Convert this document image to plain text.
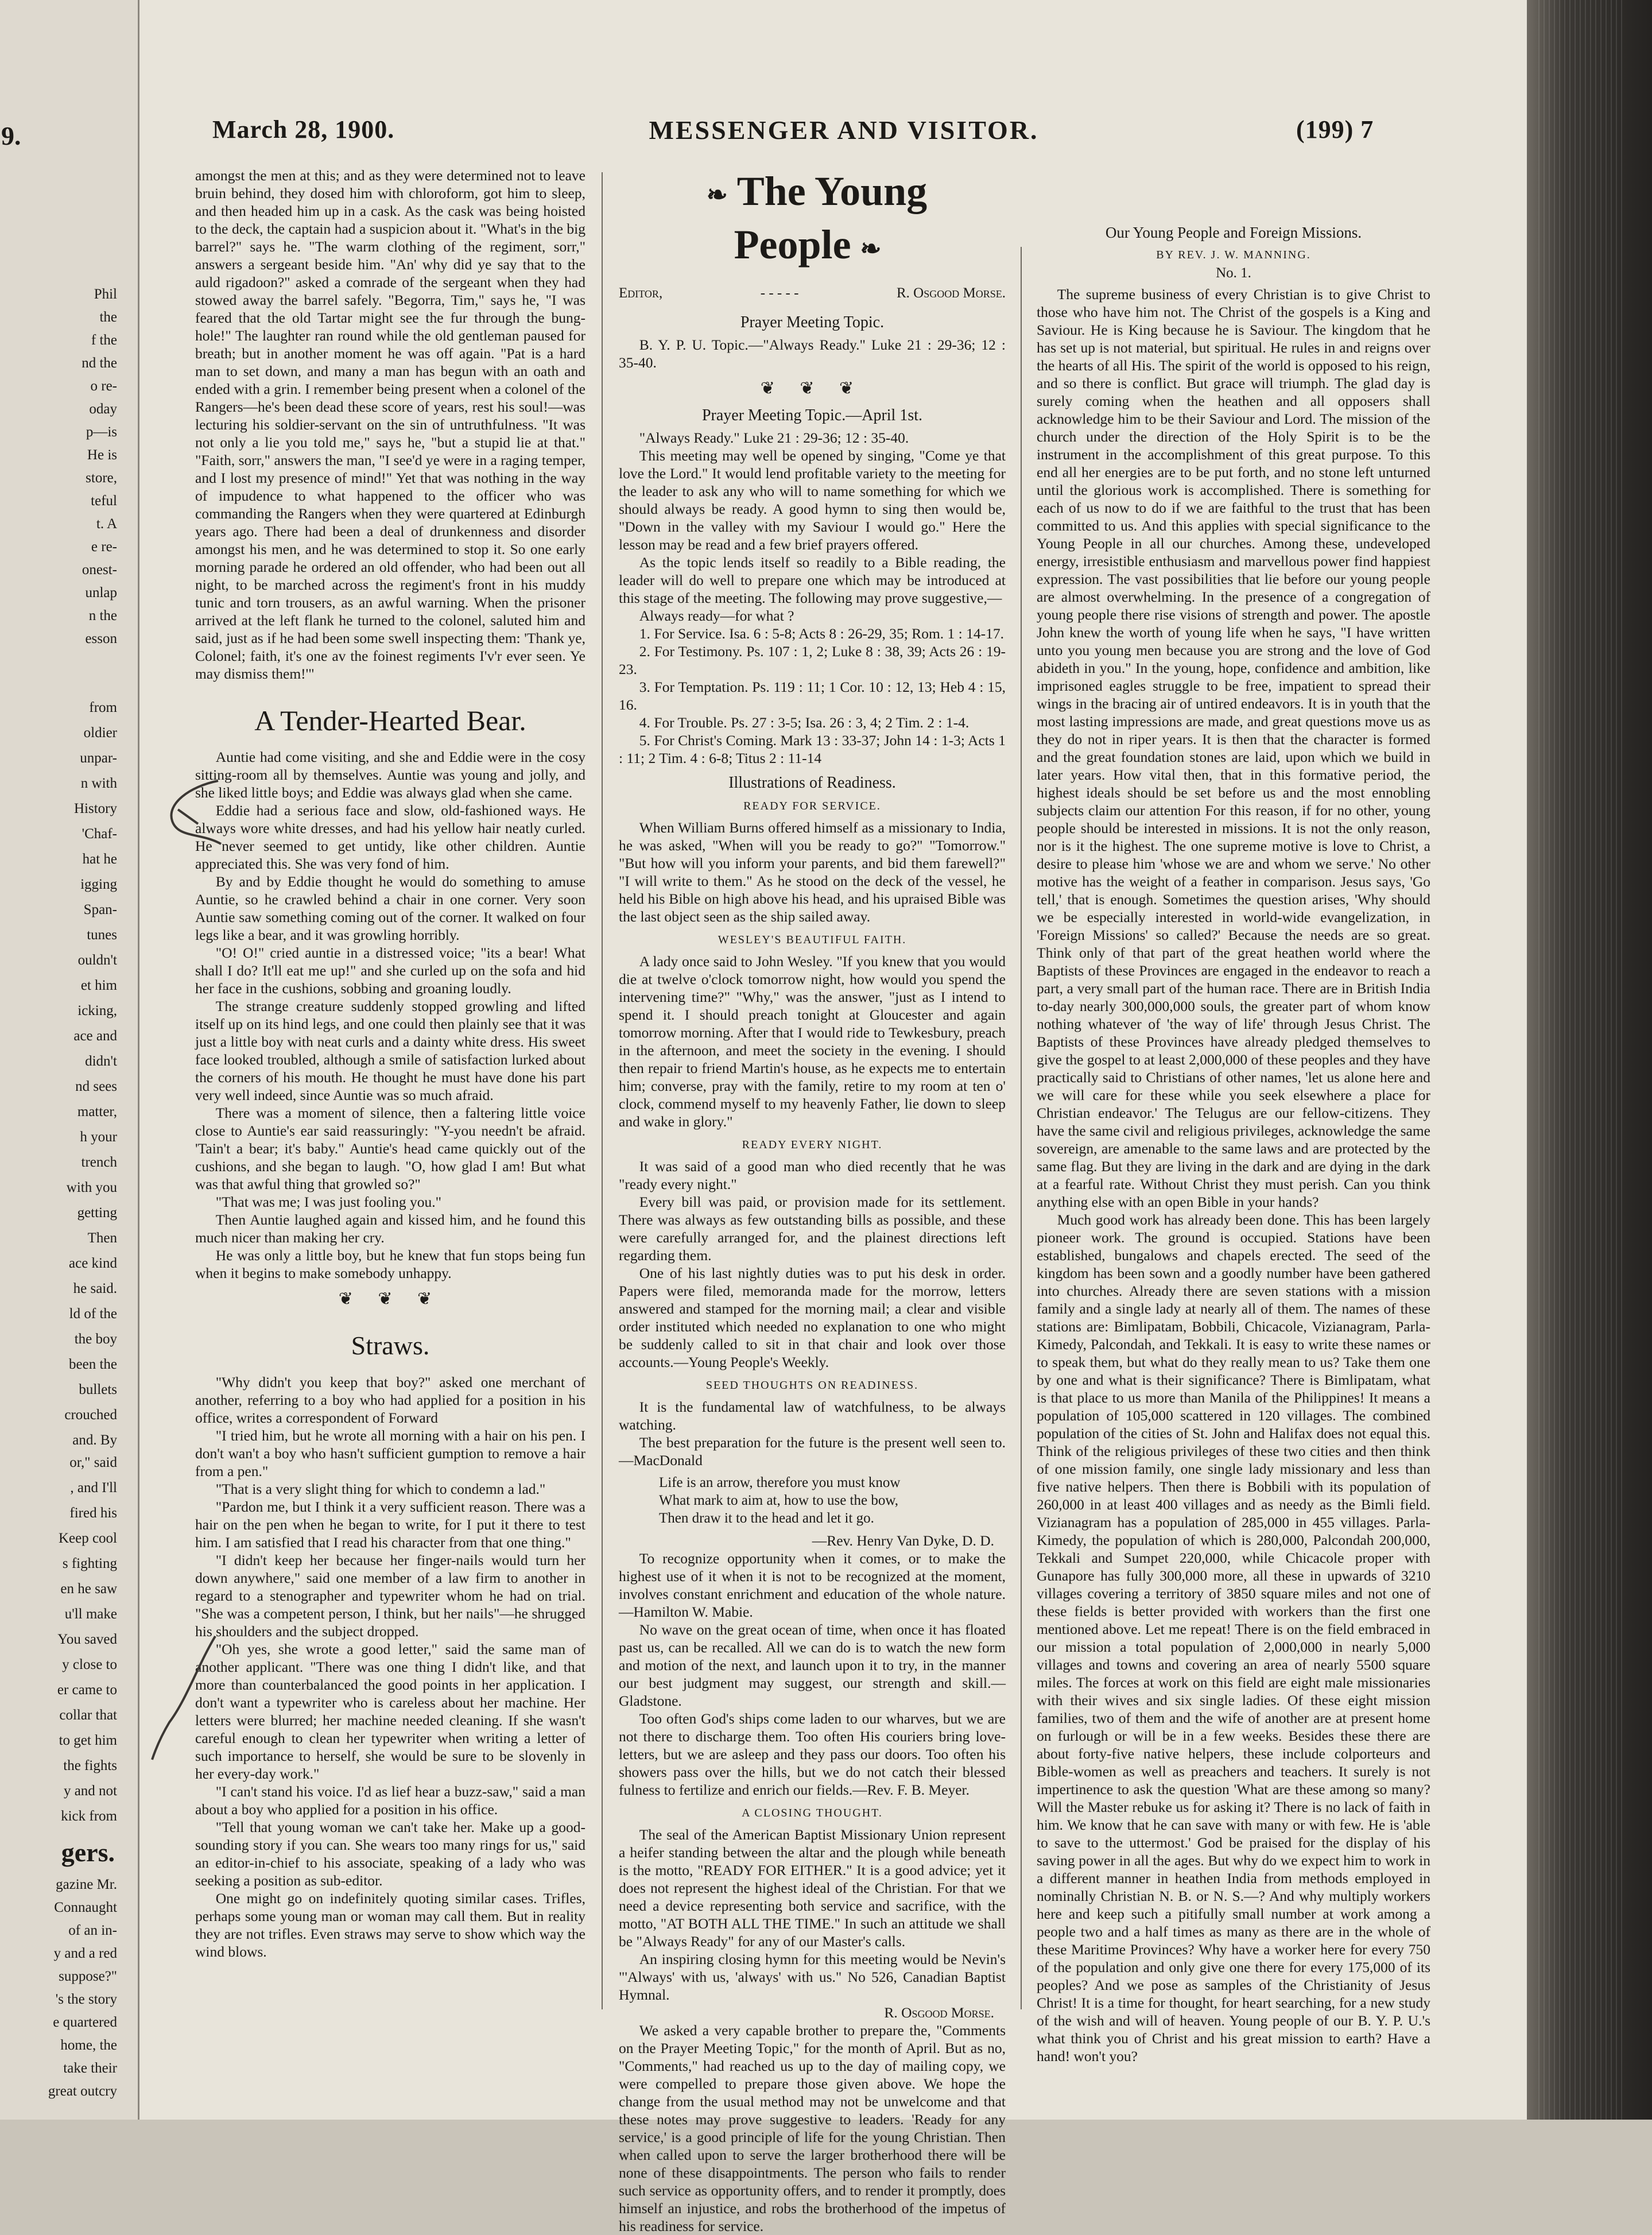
9.
Phil
the
f the
nd the
o re-
oday
p—is
He is
store,
teful
t. A
e re-
onest-
unlap
n the
esson
from
oldier
unpar-
n with
History
'Chaf-
hat he
igging
Span-
tunes
ouldn't
et him
icking,
ace and
didn't
nd sees
matter,
h your
trench
with you
getting
Then
ace kind
he said.
ld of the
the boy
been the
bullets
crouched
and. By
or," said
, and I'll
fired his
Keep cool
s fighting
en he saw
u'll make
You saved
y close to
er came to
collar that
to get him
the fights
y and not
kick from
gers.
gazine Mr.
Connaught
of an in-
y and a red
suppose?"
's the story
e quartered
home, the
take their
great outcry
March 28, 1900.	MESSENGER AND VISITOR.	(199) 7

amongst the men at this; and as they were determined not to leave bruin behind, they dosed him with chloroform, got him to sleep, and then headed him up in a cask. As the cask was being hoisted to the deck, the captain had a suspicion about it. "What's in the big barrel?" says he. "The warm clothing of the regiment, sorr," answers a sergeant beside him. "An' why did ye say that to the auld rigadoon?" asked a comrade of the sergeant when they had stowed away the barrel safely. "Begorra, Tim," says he, "I was feared that the old Tartar might see the fur through the bung-hole!" The laughter ran round while the old gentleman paused for breath; but in another moment he was off again. "Pat is a hard man to set down, and many a man has begun with an oath and ended with a grin. I remember being present when a colonel of the Rangers—he's been dead these score of years, rest his soul!—was lecturing his soldier-servant on the sin of untruthfulness. "It was not only a lie you told me," says he, "but a stupid lie at that." "Faith, sorr," answers the man, "I see'd ye were in a raging temper, and I lost my presence of mind!" Yet that was nothing in the way of impudence to what happened to the officer who was commanding the Rangers when they were quartered at Edinburgh years ago. There had been a deal of drunkenness and disorder amongst his men, and he was determined to stop it. So one early morning parade he ordered an old offender, who had been out all night, to be marched across the regiment's front in his muddy tunic and torn trousers, as an awful warning. When the prisoner arrived at the left flank he turned to the colonel, saluted him and said, just as if he had been some swell inspecting them: 'Thank ye, Colonel; faith, it's one av the foinest regiments I'v'r ever seen. Ye may dismiss them!'"

A Tender-Hearted Bear.

Auntie had come visiting, and she and Eddie were in the cosy sitting-room all by themselves. Auntie was young and jolly, and she liked little boys; and Eddie was always glad when she came.

Eddie had a serious face and slow, old-fashioned ways. He always wore white dresses, and had his yellow hair neatly curled. He never seemed to get untidy, like other children. Auntie appreciated this. She was very fond of him.

By and by Eddie thought he would do something to amuse Auntie, so he crawled behind a chair in one corner. Very soon Auntie saw something coming out of the corner. It walked on four legs like a bear, and it was growling horribly.

"O! O!" cried auntie in a distressed voice; "its a bear! What shall I do? It'll eat me up!" and she curled up on the sofa and hid her face in the cushions, sobbing and groaning loudly.

The strange creature suddenly stopped growling and lifted itself up on its hind legs, and one could then plainly see that it was just a little boy with neat curls and a dainty white dress. His sweet face looked troubled, although a smile of satisfaction lurked about the corners of his mouth. He thought he must have done his part very well indeed, since Auntie was so much afraid.

There was a moment of silence, then a faltering little voice close to Auntie's ear said reassuringly: "Y-you needn't be afraid. 'Tain't a bear; it's baby." Auntie's head came quickly out of the cushions, and she began to laugh. "O, how glad I am! But what was that awful thing that growled so?"

"That was me; I was just fooling you."

Then Auntie laughed again and kissed him, and he found this much nicer than making her cry.

He was only a little boy, but he knew that fun stops being fun when it begins to make somebody unhappy.

❦ ❦ ❦
Straws.

"Why didn't you keep that boy?" asked one merchant of another, referring to a boy who had applied for a position in his office, writes a correspondent of Forward

"I tried him, but he wrote all morning with a hair on his pen. I don't wan't a boy who hasn't sufficient gumption to remove a hair from a pen."

"That is a very slight thing for which to condemn a lad."

"Pardon me, but I think it a very sufficient reason. There was a hair on the pen when he began to write, for I put it there to test him. I am satisfied that I read his character from that one thing."

"I didn't keep her because her finger-nails would turn her down anywhere," said one member of a law firm to another in regard to a stenographer and typewriter whom he had on trial. "She was a competent person, I think, but her nails"—he shrugged his shoulders and the subject dropped.

"Oh yes, she wrote a good letter," said the same man of another applicant. "There was one thing I didn't like, and that more than counterbalanced the good points in her application. I don't want a typewriter who is careless about her machine. Her letters were blurred; her machine needed cleaning. If she wasn't careful enough to clean her typewriter when writing a letter of such importance to herself, she would be sure to be slovenly in her every-day work."

"I can't stand his voice. I'd as lief hear a buzz-saw," said a man about a boy who applied for a position in his office.

"Tell that young woman we can't take her. Make up a good-sounding story if you can. She wears too many rings for us," said an editor-in-chief to his associate, speaking of a lady who was seeking a position as sub-editor.

One might go on indefinitely quoting similar cases. Trifles, perhaps some young man or woman may call them. But in reality they are not trifles. Even straws may serve to show which way the wind blows.

❧ The Young People ❧
Editor,	- - - - -	R. Osgood Morse.
Prayer Meeting Topic.

B. Y. P. U. Topic.—"Always Ready." Luke 21 : 29-36; 12 : 35-40.

❦ ❦ ❦
Prayer Meeting Topic.—April 1st.

"Always Ready." Luke 21 : 29-36; 12 : 35-40.

This meeting may well be opened by singing, "Come ye that love the Lord." It would lend profitable variety to the meeting for the leader to ask any who will to name something for which we should always be ready. A good hymn to sing then would be, "Down in the valley with my Saviour I would go." Here the lesson may be read and a few brief prayers offered.

As the topic lends itself so readily to a Bible reading, the leader will do well to prepare one which may be introduced at this stage of the meeting. The following may prove suggestive,—

Always ready—for what ?

1. For Service. Isa. 6 : 5-8; Acts 8 : 26-29, 35; Rom. 1 : 14-17.

2. For Testimony. Ps. 107 : 1, 2; Luke 8 : 38, 39; Acts 26 : 19-23.

3. For Temptation. Ps. 119 : 11; 1 Cor. 10 : 12, 13; Heb 4 : 15, 16.

4. For Trouble. Ps. 27 : 3-5; Isa. 26 : 3, 4; 2 Tim. 2 : 1-4.

5. For Christ's Coming. Mark 13 : 33-37; John 14 : 1-3; Acts 1 : 11; 2 Tim. 4 : 6-8; Titus 2 : 11-14

Illustrations of Readiness.
READY FOR SERVICE.

When William Burns offered himself as a missionary to India, he was asked, "When will you be ready to go?" "Tomorrow." "But how will you inform your parents, and bid them farewell?" "I will write to them." As he stood on the deck of the vessel, he held his Bible on high above his head, and his upraised Bible was the last object seen as the ship sailed away.

WESLEY'S BEAUTIFUL FAITH.

A lady once said to John Wesley. "If you knew that you would die at twelve o'clock tomorrow night, how would you spend the intervening time?" "Why," was the answer, "just as I intend to spend it. I should preach tonight at Gloucester and again tomorrow morning. After that I would ride to Tewkesbury, preach in the afternoon, and meet the society in the evening. I should then repair to friend Martin's house, as he expects me to entertain him; converse, pray with the family, retire to my room at ten o' clock, commend myself to my heavenly Father, lie down to sleep and wake in glory."

READY EVERY NIGHT.

It was said of a good man who died recently that he was "ready every night."

Every bill was paid, or provision made for its settlement. There was always as few outstanding bills as possible, and these were carefully arranged for, and the plainest directions left regarding them.

One of his last nightly duties was to put his desk in order. Papers were filed, memoranda made for the morrow, letters answered and stamped for the morning mail; a clear and visible order instituted which needed no explanation to one who might be suddenly called to sit in that chair and look over those accounts.—Young People's Weekly.

SEED THOUGHTS ON READINESS.

It is the fundamental law of watchfulness, to be always watching.

The best preparation for the future is the present well seen to.—MacDonald

Life is an arrow, therefore you must know
What mark to aim at, how to use the bow,
Then draw it to the head and let it go.

—Rev. Henry Van Dyke, D. D.

To recognize opportunity when it comes, or to make the highest use of it when it is not to be recognized at the moment, involves constant enrichment and education of the whole nature.—Hamilton W. Mabie.

No wave on the great ocean of time, when once it has floated past us, can be recalled. All we can do is to watch the new form and motion of the next, and launch upon it to try, in the manner our best judgment may suggest, our strength and skill.—Gladstone.

Too often God's ships come laden to our wharves, but we are not there to discharge them. Too often His couriers bring love-letters, but we are asleep and they pass our doors. Too often his showers pass over the hills, but we do not catch their blessed fulness to fertilize and enrich our fields.—Rev. F. B. Meyer.

A CLOSING THOUGHT.

The seal of the American Baptist Missionary Union represent a heifer standing between the altar and the plough while beneath is the motto, "READY FOR EITHER." It is a good advice; yet it does not represent the highest ideal of the Christian. For that we need a device representing both service and sacrifice, with the motto, "AT BOTH ALL THE TIME." In such an attitude we shall be "Always Ready" for any of our Master's calls.

An inspiring closing hymn for this meeting would be Nevin's "'Always' with us, 'always' with us." No 526, Canadian Baptist Hymnal.

R. Osgood Morse.

We asked a very capable brother to prepare the, "Comments on the Prayer Meeting Topic," for the month of April. But as no, "Comments," had reached us up to the day of mailing copy, we were compelled to prepare those given above. We hope the change from the usual method may not be unwelcome and that these notes may prove suggestive to leaders. 'Ready for any service,' is a good principle of life for the young Christian. Then when called upon to serve the larger brotherhood there will be none of these disappointments. The person who fails to render such service as opportunity offers, and to render it promptly, does himself an injustice, and robs the brotherhood of the impetus of his readiness for service.

Our Young People and Foreign Missions.
BY REV. J. W. MANNING.
No. 1.

The supreme business of every Christian is to give Christ to those who have him not. The Christ of the gospels is a King and Saviour. He is King because he is Saviour. The kingdom that he has set up is not material, but spiritual. He rules in and reigns over the hearts of all His. The spirit of the world is opposed to his reign, and so there is conflict. But grace will triumph. The glad day is surely coming when the heathen and all opposers shall acknowledge him to be their Saviour and Lord. The mission of the church under the direction of the Holy Spirit is to be the instrument in the accomplishment of this great purpose. To this end all her energies are to be put forth, and no stone left unturned until the glorious work is accomplished. There is something for each of us now to do if we are faithful to the trust that has been committed to us. And this applies with special significance to the Young People in all our churches. Among these, undeveloped energy, irresistible enthusiasm and marvellous power find happiest expression. The vast possibilities that lie before our young people are almost overwhelming. In the presence of a congregation of young people there rise visions of strength and power. The apostle John knew the worth of young life when he says, "I have written unto you young men because you are strong and the love of God abideth in you." In the young, hope, confidence and ambition, like imprisoned eagles struggle to be free, impatient to spread their wings in the bracing air of untired endeavors. It is in youth that the most lasting impressions are made, and great questions move us as they do not in riper years. It is then that the character is formed and the great foundation stones are laid, upon which we build in later years. How vital then, that in this formative period, the highest ideals should be set before us and the most ennobling subjects claim our attention For this reason, if for no other, young people should be interested in missions. It is not the only reason, nor is it the highest. The one supreme motive is love to Christ, a desire to please him 'whose we are and whom we serve.' No other motive has the weight of a feather in comparison. Jesus says, 'Go tell,' that is enough. Sometimes the question arises, 'Why should we be especially interested in world-wide evangelization, in 'Foreign Missions' so called?' Because the needs are so great. Think only of that part of the great heathen world where the Baptists of these Provinces are engaged in the endeavor to reach a part, a very small part of the human race. There are in British India to-day nearly 300,000,000 souls, the greater part of whom know nothing whatever of 'the way of life' through Jesus Christ. The Baptists of these Provinces have already pledged themselves to give the gospel to at least 2,000,000 of these peoples and they have practically said to Christians of other names, 'let us alone here and we will care for these while you seek elsewhere a place for Christian endeavor.' The Telugus are our fellow-citizens. They have the same civil and religious privileges, acknowledge the same sovereign, are amenable to the same laws and are protected by the same flag. But they are living in the dark and are dying in the dark at a fearful rate. Without Christ they must perish. Can you think anything else with an open Bible in your hands?

Much good work has already been done. This has been largely pioneer work. The ground is occupied. Stations have been established, bungalows and chapels erected. The seed of the kingdom has been sown and a goodly number have been gathered into churches. Already there are seven stations with a mission family and a single lady at nearly all of them. The names of these stations are: Bimlipatam, Bobbili, Chicacole, Vizianagram, Parla-Kimedy, Palcondah, and Tekkali. It is easy to write these names or to speak them, but what do they really mean to us? Take them one by one and what is their significance? There is Bimlipatam, what is that place to us more than Manila of the Philippines! It means a population of 105,000 scattered in 120 villages. The combined population of the cities of St. John and Halifax does not equal this. Think of the religious privileges of these two cities and then think of one mission family, one single lady missionary and less than five native helpers. Then there is Bobbili with its population of 260,000 in at least 400 villages and as needy as the Bimli field. Vizianagram has a population of 285,000 in 455 villages. Parla-Kimedy, the population of which is 280,000, Palcondah 200,000, Tekkali and Sumpet 220,000, while Chicacole proper with Gunapore has fully 300,000 more, all these in upwards of 3210 villages covering a territory of 3850 square miles and not one of these fields is better provided with workers than the first one mentioned above. Let me repeat! There is on the field embraced in our mission a total population of 2,000,000 in nearly 5,000 villages and towns and covering an area of nearly 5500 square miles. The forces at work on this field are eight male missionaries with their wives and six single ladies. Of these eight mission families, two of them and the wife of another are at present home on furlough or will be in a few weeks. Besides these there are about forty-five native helpers, these include colporteurs and Bible-women as well as preachers and teachers. It surely is not impertinence to ask the question 'What are these among so many? Will the Master rebuke us for asking it? There is no lack of faith in him. We know that he can save with many or with few. He is 'able to save to the uttermost.' God be praised for the display of his saving power in all the ages. But why do we expect him to work in a different manner in heathen India from methods employed in nominally Christian N. B. or N. S.—? And why multiply workers here and keep such a pitifully small number at work among a people two and a half times as many as there are in the whole of these Maritime Provinces? Why have a worker here for every 750 of the population and only give one there for every 175,000 of its peoples? And we pose as samples of the Christianity of Jesus Christ! It is a time for thought, for heart searching, for a new study of the wish and will of heaven. Young people of our B. Y. P. U.'s what think you of Christ and his great mission to earth? Have a hand! won't you?
